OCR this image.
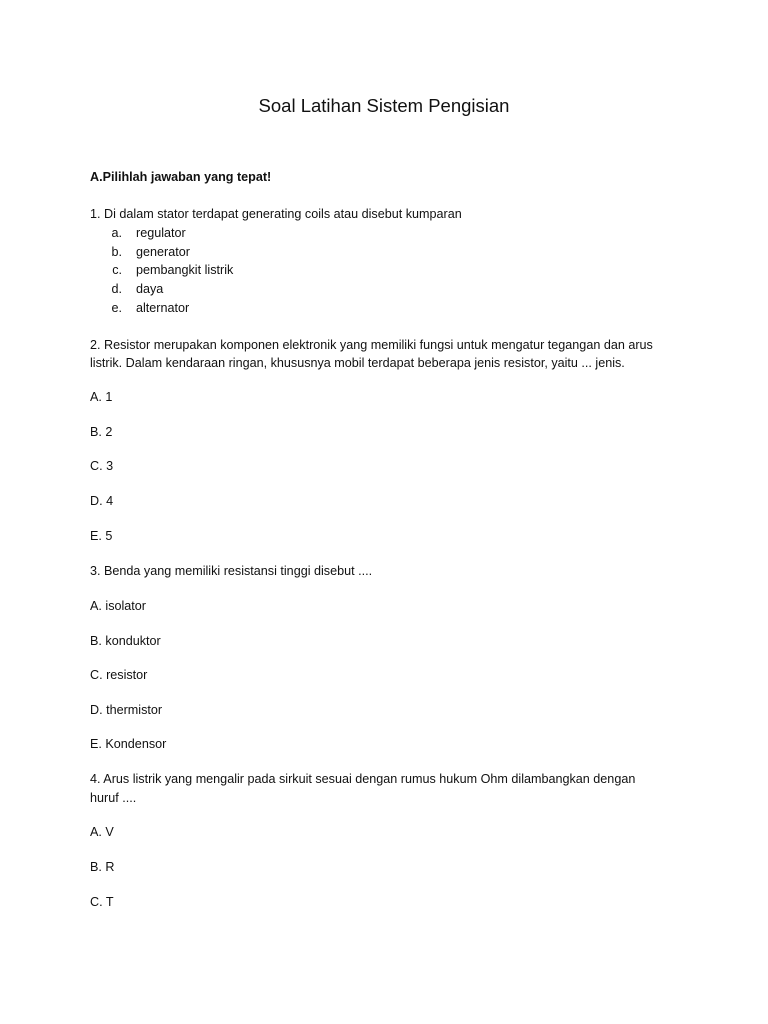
Soal Latihan Sistem Pengisian
A.Pilihlah jawaban yang tepat!
1. Di dalam stator terdapat generating coils atau disebut kumparan
a. regulator
b. generator
c. pembangkit listrik
d. daya
e. alternator
2. Resistor merupakan komponen elektronik yang memiliki fungsi untuk mengatur tegangan dan arus
listrik. Dalam kendaraan ringan, khususnya mobil terdapat beberapa jenis resistor, yaitu ... jenis.
A. 1
B. 2
C. 3
D. 4
E. 5
3. Benda yang memiliki resistansi tinggi disebut ....
A. isolator
B. konduktor
C. resistor
D. thermistor
E. Kondensor
4. Arus listrik yang mengalir pada sirkuit sesuai dengan rumus hukum Ohm dilambangkan dengan
huruf ....
A. V
B. R
C. T
